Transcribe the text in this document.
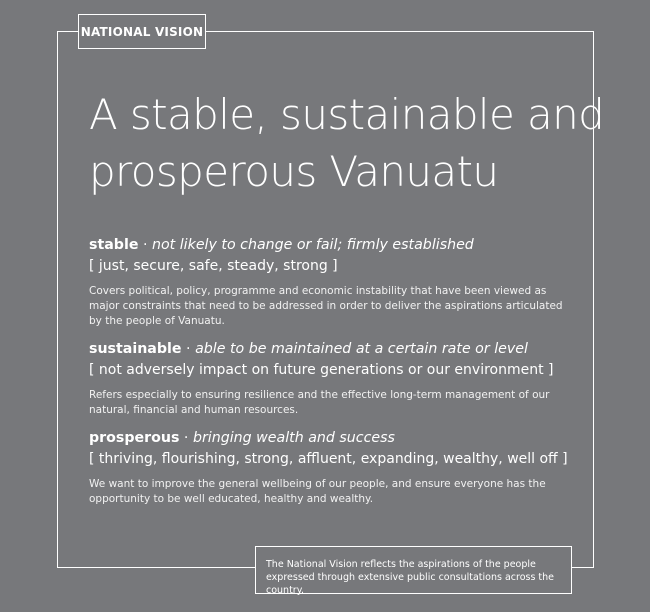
NATIONAL VISION
A stable, sustainable and prosperous Vanuatu
stable · not likely to change or fail; firmly established
[ just, secure, safe, steady, strong ]
Covers political, policy, programme and economic instability that have been viewed as major constraints that need to be addressed in order to deliver the aspirations articulated by the people of Vanuatu.
sustainable · able to be maintained at a certain rate or level
[ not adversely impact on future generations or our environment ]
Refers especially to ensuring resilience and the effective long-term management of our natural, financial and human resources.
prosperous · bringing wealth and success
[ thriving, flourishing, strong, affluent, expanding, wealthy, well off ]
We want to improve the general wellbeing of our people, and ensure everyone has the opportunity to be well educated, healthy and wealthy.
The National Vision reflects the aspirations of the people expressed through extensive public consultations across the country.
